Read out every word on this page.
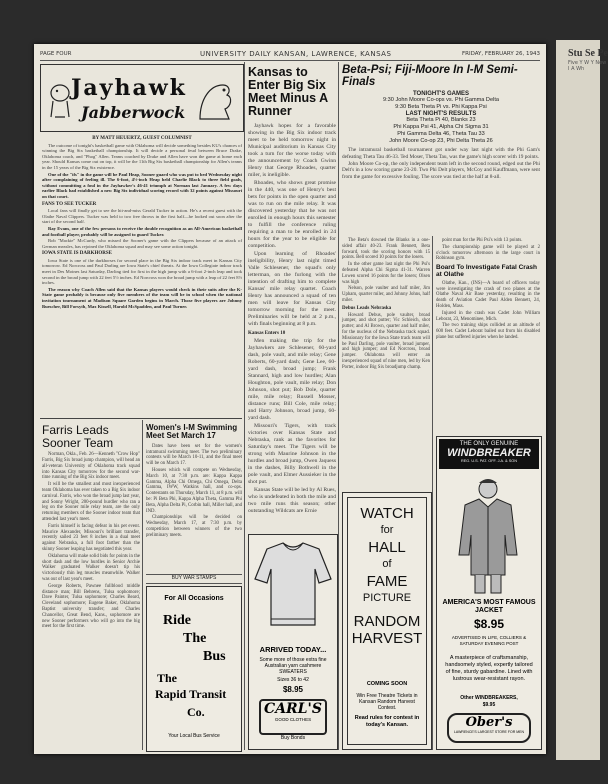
PAGE FOUR	UNIVERSITY DAILY KANSAN, LAWRENCE, KANSAS	FRIDAY, FEBRUARY 26, 1943
Jayhawk
Jabberwock
BY MATT HEUERTZ, GUEST COLUMNIST

The outcome of tonight's basketball game with Oklahoma will decide something besides KU's chances of winning the Big Six basketball championship. It will decide a personal feud between Bruce Drake, Oklahoma coach, and "Phog" Allen. Teams coached by Drake and Allen have won the game at home each year. Should Kansas come out on top, it will be the 11th Big Six basketball championship for Allen's teams in the 15 years of the Big Six existence.

One of the "ifs" in the game will be Paul Heap, Sooner guard who was put to bed Wednesday night after complaining of feeling ill. The 6-foot, 4½-inch Heap held Charlie Black to three field goals, without committing a foul in the Jayhawker's 46-41 triumph at Norman last January. A few days earlier Black had established a new Big Six individual scoring record with 32 points against Missouri on that court.

FANS TO SEE TUCKER

Local fans will finally get to see the hit-and-miss Gerald Tucker in action. He's a recent guest with the Olathe Naval Clippers. Tucker was held to two free throws in the first half—he looked out soon after the start of the second half.

Ray Evans, one of the few persons to receive the double recognition as an All-American basketball and football player, probably will be assigned to guard Tucker.

Bob "Mackie" McCurdy, who missed the Sooner's game with the Clippers because of an attack of German measles, has rejoined the Oklahoma squad and may see some action tonight.

IOWA STATE IS DARKHORSE

Iowa State is one of the darkhorses for second place in the Big Six indoor track meet in Kansas City tomorrow. Ed Norcross and Paul Darling are Iowa State's chief threats. At the Iowa Collegiate indoor track meet in Des Moines last Saturday, Darling tied for first in the high jump with a 6-foot 2-inch leap and took second in the broad jump with 22 feet 5½ inches. Ed Norcross won the broad jump with a leap of 22 feet 8½ inches.

The reason why Coach Allen said that the Kansas players would check in their suits after the K-State game probably is because only five members of the team will be in school when the national invitation tournament at Madison Square Garden begins in March. Those five players are Johnny Buescher, Bill Forsyth, Max Kissell, Harold McSpadden, and Paul Turner.

Kansas to Enter Big Six Meet Minus A Runner

Jayhawk hopes for a favorable showing in the Big Six indoor track meet to be held tomorrow night in Municipal auditorium in Kansas City took a turn for the worse today with the announcement by Coach Gwinn Henry that George Rhoades, quarter miler, is ineligible.

Rhoades, who shows great promise in the 440, was one of Henry's best bets for points in the open quarter and was to run on the mile relay. It was discovered yesterday that he was not enrolled in enough hours this semester to fulfill the conference ruling requiring a man to be enrolled in 24 hours for the year to be eligible for competition.

Upon learning of Rhoades' ineligibility, Henry last night timed Valle Schlesener, the squad's only letterman, on the furlong with the intention of drafting him to complete Kansas' mile relay quartet. Coach Henry has announced a squad of ten men will leave for Kansas City tomorrow morning for the meet. Preliminaries will be held at 2 p.m., with finals beginning at 8 p.m.

Kansas Enters 10

Men making the trip for the Jayhawkers are Schlesener, 60-yard dash, pole vault, and mile relay; Gene Roberts, 60-yard dash; Gene Lee, 60-yard dash, broad jump; Frank Stannard, high and low hurdles; Alan Houghton, pole vault, mile relay; Don Johnson, shot put; Bob Dole, quarter mile, mile relay; Russell Mosser, distance runs; Bill Cole, mile relay; and Harry Johnson, broad jump, 60-yard dash.

Missouri's Tigers, with track victories over Kansas State and Nebraska, rank as the favorites for Saturday's meet. The Tigers will be strong with Maurine Johnson in the hurdles and broad jump, Owen Jaquess in the dashes, Billy Bothwell in the pole vault, and Elmer Aussieker in the shot put.

Kansas State will be led by Al Rues, who is undefeated in both the mile and two mile runs this season; other outstanding Wildcats are Ernie

Beta-Psi; Fiji-Moore In I-M Semi-Finals
TONIGHT'S GAMES
9:30 John Moore Co-ops vs. Phi Gamma Delta
9:30 Beta Theta Pi vs. Phi Kappa Psi
LAST NIGHT'S RESULTS
Beta Theta Pi 40, Blanks 23
Phi Kappa Psi 41, Alpha Chi Sigma 31
Phi Gamma Delta 46, Theta Tau 33
John Moore Co-op 23, Phi Delta Theta 26

The intramural basketball tournament got under way last night with the Phi Gam's defeating Theta Tau 46-33. Ted Moser, Theta Tau, was the game's high scorer with 19 points.

John Moore Co-op, the only independent team left in the second round, edged out the Phi Delt's in a low scoring game 23-20. Two Phi Delt players, McCoy and Kauffmann, were sent from the game for excessive fouling. The score was tied at the half at 8-all.

The Beta's downed the Blanks in a one-sided affair 40-23. Frank Bennett, Beta forward, took the scoring honors with 15 points. Bell scored 10 points for the losers.

In the other game last night the Phi Psi's defeated Alpha Chi Sigma 41-31. Warren Lowen scored 16 points for the losers; Olsen was high

Nelson, pole vaulter and half miler, Jim Upham, quarter miler, and Johnny Johns, half miler.

Debus Leads Nebraska

Howard Debus, pole vaulter, broad jumper, and shot putter; Vic Schleich, shot putter; and Al Brown, quarter and half miler, for the nucleus of the Nebraska track squad. Missionary for the Iowa State track team will be Paul Darling, pole vaulter, broad jumper, and high jumper; and Ed Norcross, broad jumper. Oklahoma will enter an inexperienced squad of nine men, led by Ken Porter, indoor Big Six broadjump champ.

point man for the Phi Psi's with 13 points.

The championship game will be played at 2 o'clock tomorrow afternoon in the large court in Robinson gym.

Board To Investigate Fatal Crash at Olathe

Olathe, Kan., (INS)—A board of officers today were investigating the crash of two planes at the Olathe Naval Air Base yesterday, resulting in the death of Aviation Cadet Paul Alden Bennett, 24, Holden, Mass.

Injured in the crash was Cadet John William Leborat, 23, Menominee, Mich.

The two training ships collided at an altitude of 600 feet. Cadet Leborat bailed out from his disabled plane but suffered injuries when he landed.

Farris Leads Sooner Team

Norman, Okla., Feb. 26—Kenneth "Crow Hop" Farris, Big Six broad jump champion, will head an all-veteran University of Oklahoma track squad into Kansas City tomorrow for the second war-time running of the Big Six indoor meet.

It will be the smallest and most inexperienced team Oklahoma has ever taken to a Big Six indoor carnival. Farris, who won the broad jump last year, and Sonny Wright, 200-pound hurdler who ran a leg on the Sooner mile relay team, are the only returning members of the Sooner indoor team that attended last year's meet.

Farris himself is facing defeat in his pet event. Maurice Alexander, Missouri's brilliant transfer, recently sailed 23 feet 8 inches in a dual meet against Nebraska, a full foot farther than the skinny Sooner leaping has negotiated this year.

Oklahoma will make solid bids for points in the short dash and the low hurdles in Senior Archie Walker graduated Walker doesn't tip his victoriously thin leg muscles meanwhile. Walker was out of last year's meet.

George Roberts, Pawnee fullblood middle distance man; Bill Behrens, Tulsa sophomore; Dave Painter, Tulsa sophomore; Charles Beard, Cleveland sophomore; Eugene Baker, Oklahoma Baptist university transfer; and Charles Chancellor, Great Bend, Kans., sophomore are new Sooner performers who will go into the big meet for the first time.

Women's I-M Swimming Meet Set March 17

Dates have been set for the women's intramural swimming meet. The two preliminary contests will be March 10-11, and the final meet will be on March 17.

Houses which will compete on Wednesday, March 10, at 7:30 p.m. are: Kappa Kappa Gamma, Alpha Chi Omega, Chi Omega, Delta Gamma, IWW, Watkins hall, and co-ops. Contestants on Thursday, March 11, at 8 p.m. will be: Pi Beta Phi, Kappa Alpha Theta, Gamma Phi Beta, Alpha Delta Pi, Corbin hall, Miller hall, and IND.

Championships will be decided on Wednesday, March 17, at 7:30 p.m. by competition between winners of the two preliminary meets.

BUY WAR STAMPS
For All Occasions
Ride
The
Bus
The
Rapid Transit
Co.
Your Local Bus Service
ARRIVED TODAY...
Some more of those extra fine Australian yarn cashmere SWEATERS
Sizes 36 to 42
$8.95
CARL'S
GOOD CLOTHES
Buy Bonds
WATCH
for
HALL
of
FAME
PICTURE
RANDOM
HARVEST
COMING SOON
Win Free Theatre Tickets in Kansan Random Harvest Contest.
Read rules for contest in today's Kansan.
THE ONLY GENUINE
WINDBREAKER
REG. U.S. PAT. OFF. J.A. & SON
AMERICA'S MOST FAMOUS JACKET
$8.95
ADVERTISED IN LIFE, COLLIERS & SATURDAY EVENING POST
A masterpiece of craftsmanship, handsomely styled, expertly tailored of fine, sturdy gabardine. Lined with lustrous wear-resistant rayon.
Other WINDBREAKERS,
$9.95
Ober's
LAWRENCE'S LARGEST STORE FOR MEN
Stu Se Pe
Five Y W Y New I A Wh
